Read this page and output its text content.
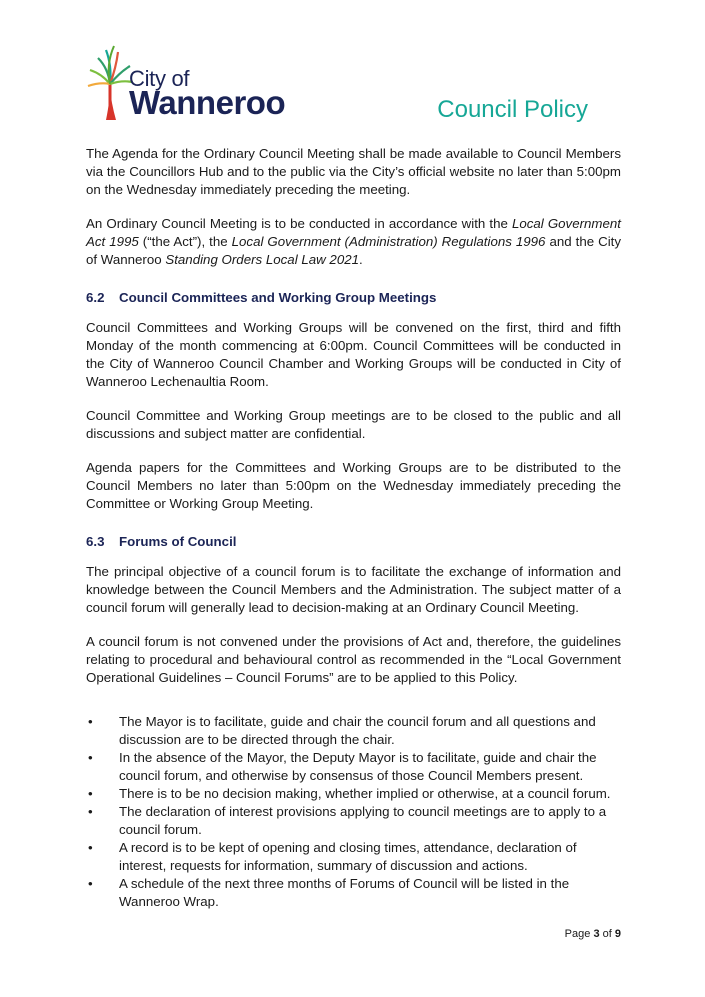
City of
Wanneroo	Council Policy

The Agenda for the Ordinary Council Meeting shall be made available to Council Members via the Councillors Hub and to the public via the City’s official website no later than 5:00pm on the Wednesday immediately preceding the meeting.

An Ordinary Council Meeting is to be conducted in accordance with the Local Government Act 1995 (“the Act”), the Local Government (Administration) Regulations 1996 and the City of Wanneroo Standing Orders Local Law 2021.

6.2 Council Committees and Working Group Meetings

Council Committees and Working Groups will be convened on the first, third and fifth Monday of the month commencing at 6:00pm. Council Committees will be conducted in the City of Wanneroo Council Chamber and Working Groups will be conducted in City of Wanneroo Lechenaultia Room.

Council Committee and Working Group meetings are to be closed to the public and all discussions and subject matter are confidential.

Agenda papers for the Committees and Working Groups are to be distributed to the Council Members no later than 5:00pm on the Wednesday immediately preceding the Committee or Working Group Meeting.

6.3 Forums of Council

The principal objective of a council forum is to facilitate the exchange of information and knowledge between the Council Members and the Administration. The subject matter of a council forum will generally lead to decision-making at an Ordinary Council Meeting.

A council forum is not convened under the provisions of Act and, therefore, the guidelines relating to procedural and behavioural control as recommended in the “Local Government Operational Guidelines – Council Forums” are to be applied to this Policy.

• The Mayor is to facilitate, guide and chair the council forum and all questions and discussion are to be directed through the chair.
• In the absence of the Mayor, the Deputy Mayor is to facilitate, guide and chair the council forum, and otherwise by consensus of those Council Members present.
• There is to be no decision making, whether implied or otherwise, at a council forum.
• The declaration of interest provisions applying to council meetings are to apply to a council forum.
• A record is to be kept of opening and closing times, attendance, declaration of interest, requests for information, summary of discussion and actions.
• A schedule of the next three months of Forums of Council will be listed in the Wanneroo Wrap.
Page 3 of 9
